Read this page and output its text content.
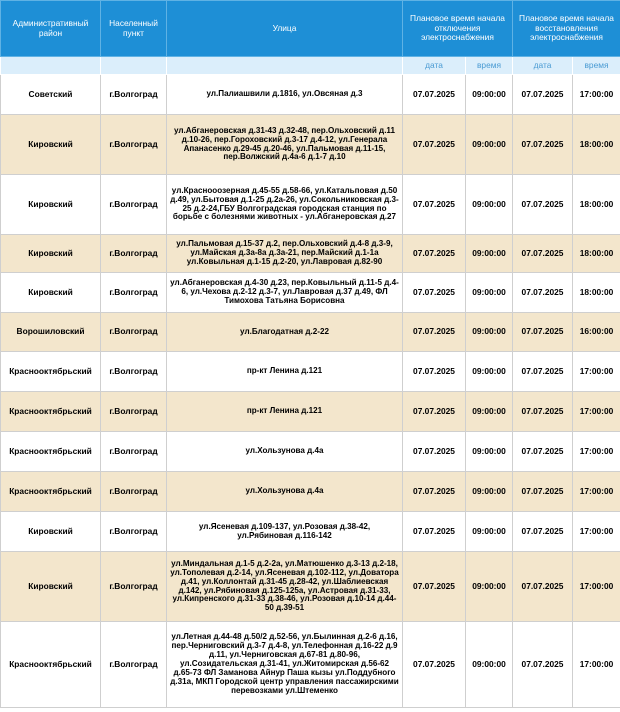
Административный район	Населенный пункт	Улица	Плановое время начала отключения электроснабжения		Плановое время начала восстановления электроснабжения	
			дата	время	дата	время
Советский	г.Волгоград	ул.Палиашвили д.1816, ул.Овсяная д.3	07.07.2025	09:00:00	07.07.2025	17:00:00
Кировский	г.Волгоград	ул.Абганеровская д.31-43 д.32-48, пер.Ольховский д.11 д.10-26, пер.Гороховский д.3-17 д.4-12, ул.Генерала Апанасенко д.29-45 д.20-46, ул.Пальмовая д.11-15, пер.Волжский д.4а-6 д.1-7 д.10	07.07.2025	09:00:00	07.07.2025	18:00:00
Кировский	г.Волгоград	ул.Краснооозерная д.45-55 д.58-66, ул.Катальповая д.50 д.49, ул.Бытовая д.1-25 д.2а-26, ул.Сокольниковская д.3-25 д.2-24,ГБУ Волгоградская городская станция по борьбе с болезнями животных - ул.Абганеровская д.27	07.07.2025	09:00:00	07.07.2025	18:00:00
Кировский	г.Волгоград	ул.Пальмовая д.15-37 д.2, пер.Ольховский д.4-8 д.3-9, ул.Майская д.3а-8а д.3а-21, пер.Майский д.1-1а ул.Ковыльная д.1-15 д.2-20, ул.Лавровая д.82-90	07.07.2025	09:00:00	07.07.2025	18:00:00
Кировский	г.Волгоград	ул.Абганеровская д.4-30 д.23, пер.Ковыльный д.11-5 д.4-6, ул.Чехова д.2-12 д.3-7, ул.Лавровая д.37 д.49, ФЛ Тимохова Татьяна Борисовна	07.07.2025	09:00:00	07.07.2025	18:00:00
Ворошиловский	г.Волгоград	ул.Благодатная д.2-22	07.07.2025	09:00:00	07.07.2025	16:00:00
Краснооктябрьский	г.Волгоград	пр-кт Ленина д.121	07.07.2025	09:00:00	07.07.2025	17:00:00
Краснооктябрьский	г.Волгоград	пр-кт Ленина д.121	07.07.2025	09:00:00	07.07.2025	17:00:00
Краснооктябрьский	г.Волгоград	ул.Хользунова д.4а	07.07.2025	09:00:00	07.07.2025	17:00:00
Краснооктябрьский	г.Волгоград	ул.Хользунова д.4а	07.07.2025	09:00:00	07.07.2025	17:00:00
Кировский	г.Волгоград	ул.Ясеневая д.109-137, ул.Розовая д.38-42, ул.Рябиновая д.116-142	07.07.2025	09:00:00	07.07.2025	17:00:00
Кировский	г.Волгоград	ул.Миндальная д.1-5 д.2-2а, ул.Матюшенко д.3-13 д.2-18, ул.Тополевая д.2-14, ул.Ясеневая д.102-112, ул.Доватора д.41, ул.Коллонтай д.31-45 д.28-42, ул.Шаблиевская д.142, ул.Рябиновая д.125-125а, ул.Астровая д.31-33, ул.Кипренского д.31-33 д.38-46, ул.Розовая д.10-14 д.44-50 д.39-51	07.07.2025	09:00:00	07.07.2025	17:00:00
Краснооктябрьский	г.Волгоград	ул.Летная д.44-48 д.50/2 д.52-56, ул.Былинная д.2-6 д.16, пер.Черниговский д.3-7 д.4-8, ул.Телефонная д.16-22 д.9 д.11, ул.Черниговская д.67-81 д.80-96, ул.Созидательская д.31-41, ул.Житомирская д.56-62 д.65-73 ФЛ Заманова Айнур Паша кызы ул.Поддубного д.31а, МКП Городской центр управления пассажирскими перевозками ул.Штеменко	07.07.2025	09:00:00	07.07.2025	17:00:00
